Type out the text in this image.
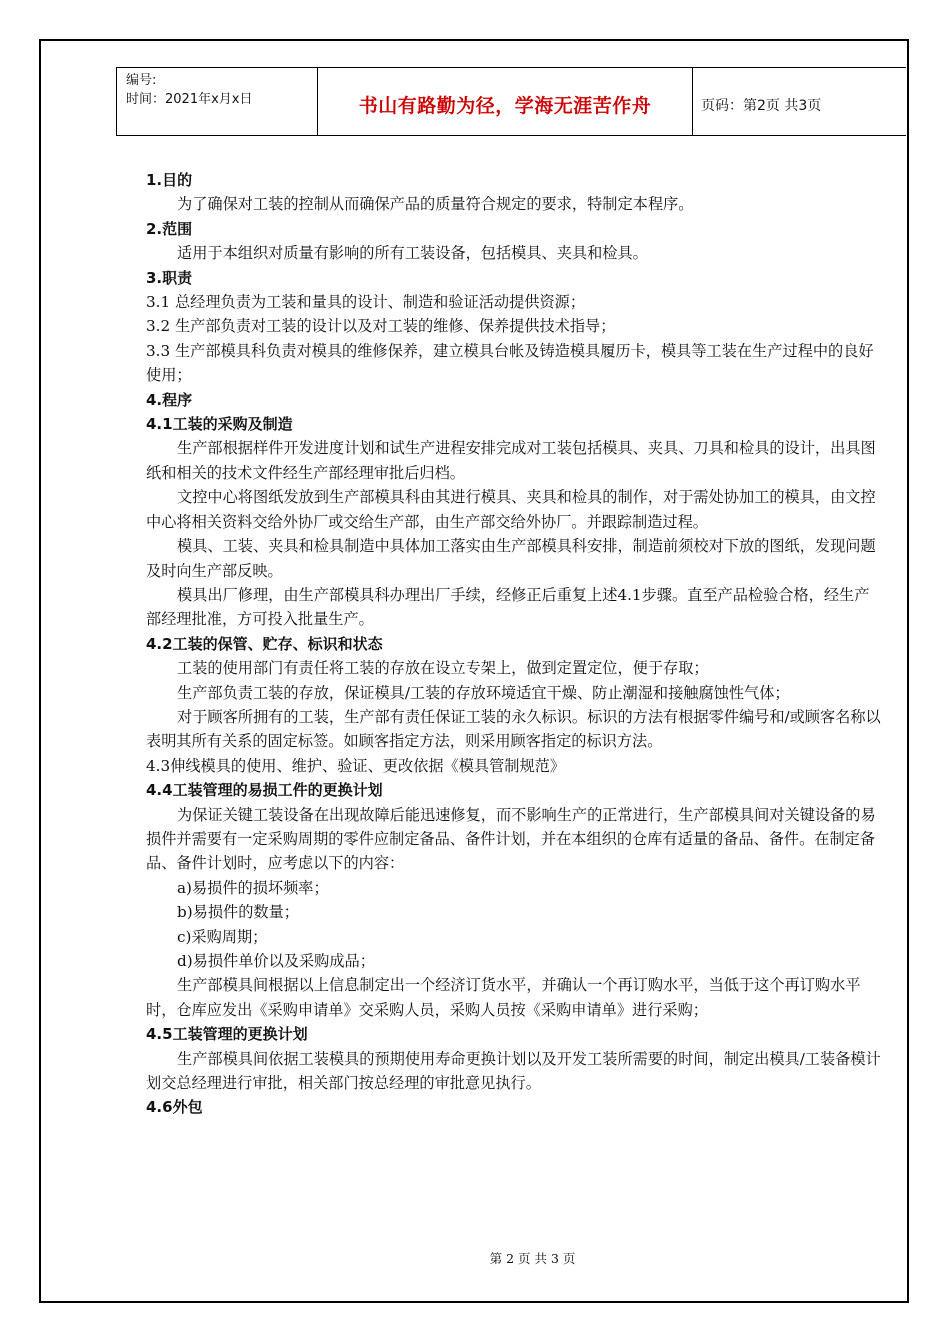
编号:
时间：2021年x月x日	书山有路勤为径，学海无涯苦作舟	页码：第2页 共3页

1.目的

为了确保对工装的控制从而确保产品的质量符合规定的要求，特制定本程序。

2.范围

适用于本组织对质量有影响的所有工装设备，包括模具、夹具和检具。

3.职责

3.1 总经理负责为工装和量具的设计、制造和验证活动提供资源；

3.2 生产部负责对工装的设计以及对工装的维修、保养提供技术指导；

3.3 生产部模具科负责对模具的维修保养，建立模具台帐及铸造模具履历卡，模具等工装在生产过程中的良好使用；

4.程序

4.1工装的采购及制造

生产部根据样件开发进度计划和试生产进程安排完成对工装包括模具、夹具、刀具和检具的设计，出具图纸和相关的技术文件经生产部经理审批后归档。

文控中心将图纸发放到生产部模具科由其进行模具、夹具和检具的制作，对于需处协加工的模具，由文控中心将相关资料交给外协厂或交给生产部，由生产部交给外协厂。并跟踪制造过程。

模具、工装、夹具和检具制造中具体加工落实由生产部模具科安排，制造前须校对下放的图纸，发现问题及时向生产部反映。

模具出厂修理，由生产部模具科办理出厂手续，经修正后重复上述4.1步骤。直至产品检验合格，经生产部经理批准，方可投入批量生产。

4.2工装的保管、贮存、标识和状态

工装的使用部门有责任将工装的存放在设立专架上，做到定置定位，便于存取；

生产部负责工装的存放，保证模具/工装的存放环境适宜干燥、防止潮湿和接触腐蚀性气体；

对于顾客所拥有的工装，生产部有责任保证工装的永久标识。标识的方法有根据零件编号和/或顾客名称以表明其所有关系的固定标签。如顾客指定方法，则采用顾客指定的标识方法。

4.3伸线模具的使用、维护、验证、更改依据《模具管制规范》

4.4工装管理的易损工件的更换计划

为保证关键工装设备在出现故障后能迅速修复，而不影响生产的正常进行，生产部模具间对关键设备的易损件并需要有一定采购周期的零件应制定备品、备件计划，并在本组织的仓库有适量的备品、备件。在制定备品、备件计划时，应考虑以下的内容：

a)易损件的损坏频率；

b)易损件的数量；

c)采购周期；

d)易损件单价以及采购成品；

生产部模具间根据以上信息制定出一个经济订货水平，并确认一个再订购水平，当低于这个再订购水平时，仓库应发出《采购申请单》交采购人员，采购人员按《采购申请单》进行采购；

4.5工装管理的更换计划

生产部模具间依据工装模具的预期使用寿命更换计划以及开发工装所需要的时间，制定出模具/工装备模计划交总经理进行审批，相关部门按总经理的审批意见执行。

4.6外包

第 2 页 共 3 页
